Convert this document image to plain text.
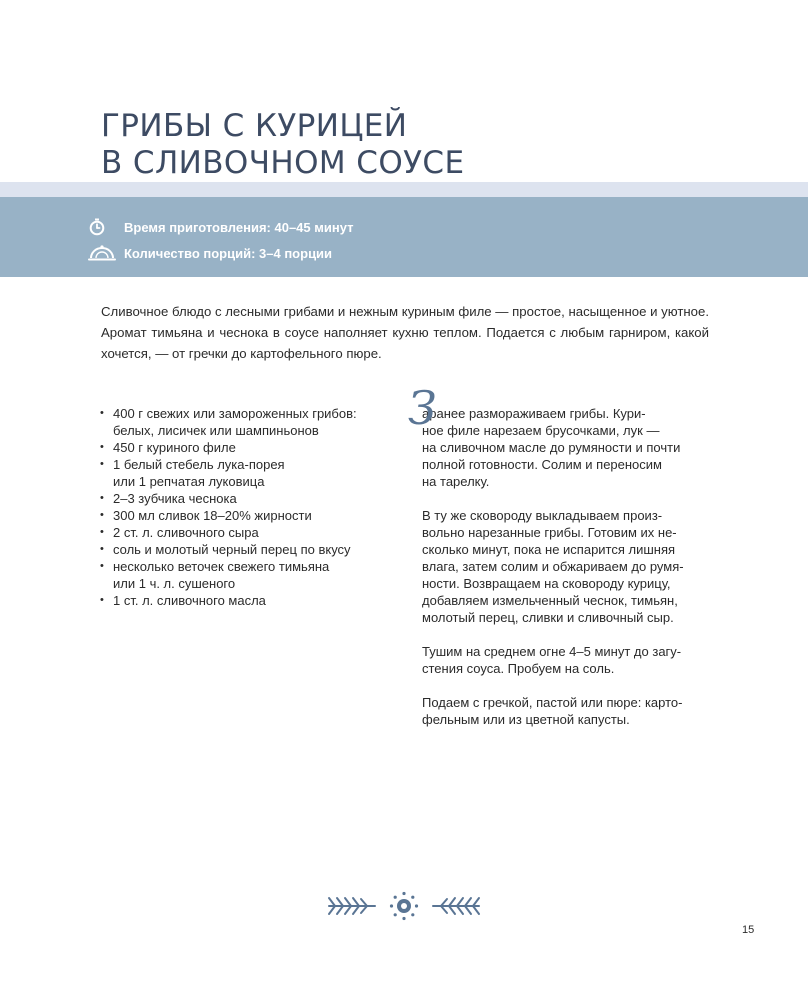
ГРИБЫ С КУРИЦЕЙ
В СЛИВОЧНОМ СОУСЕ
Время приготовления: 40–45 минут
Количество порций: 3–4 порции

Сливочное блюдо с лесными грибами и нежным куриным филе — простое, насыщенное и уютное. Аромат тимьяна и чеснока в соусе наполняет кухню теплом. Подается с любым гарниром, какой хочется, — от гречки до картофельного пюре.

• 400 г свежих или замороженных грибов:
белых, лисичек или шампиньонов
• 450 г куриного филе
• 1 белый стебель лука-порея
или 1 репчатая луковица
• 2–3 зубчика чеснока
• 300 мл сливок 18–20% жирности
• 2 ст. л. сливочного сыра
• соль и молотый черный перец по вкусу
• несколько веточек свежего тимьяна
или 1 ч. л. сушеного
• 1 ст. л. сливочного масла

З
аранее размораживаем грибы. Кури-
ное филе нарезаем брусочками, лук —
на сливочном масле до румяности и почти
полной готовности. Солим и переносим
на тарелку.

В ту же сковороду выкладываем произ-
вольно нарезанные грибы. Готовим их не-
сколько минут, пока не испарится лишняя
влага, затем солим и обжариваем до румя-
ности. Возвращаем на сковороду курицу,
добавляем измельченный чеснок, тимьян,
молотый перец, сливки и сливочный сыр.

Тушим на среднем огне 4–5 минут до загу-
стения соуса. Пробуем на соль.

Подаем с гречкой, пастой или пюре: карто-
фельным или из цветной капусты.

15
